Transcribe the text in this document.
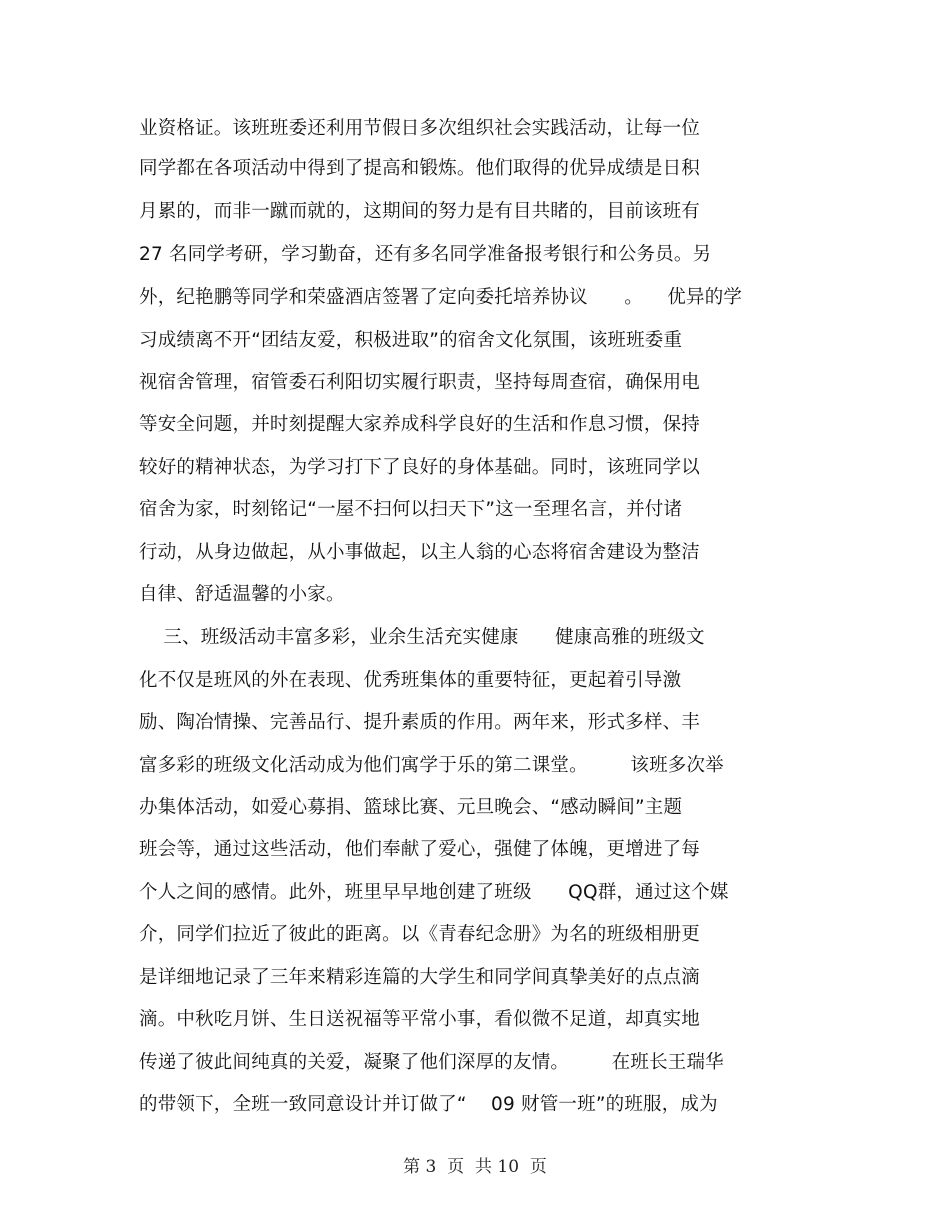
业资格证。该班班委还利用节假日多次组织社会实践活动，让每一位
同学都在各项活动中得到了提高和锻炼。他们取得的优异成绩是日积
月累的，而非一蹴而就的，这期间的努力是有目共睹的，目前该班有
27 名同学考研，学习勤奋，还有多名同学准备报考银行和公务员。另
外，纪艳鹏等同学和荣盛酒店签署了定向委托培养协议      。    优异的学
习成绩离不开“团结友爱，积极进取”的宿舍文化氛围，该班班委重
视宿舍管理，宿管委石利阳切实履行职责，坚持每周查宿，确保用电
等安全问题，并时刻提醒大家养成科学良好的生活和作息习惯，保持
较好的精神状态，为学习打下了良好的身体基础。同时，该班同学以
宿舍为家，时刻铭记“一屋不扫何以扫天下”这一至理名言，并付诸
行动，从身边做起，从小事做起，以主人翁的心态将宿舍建设为整洁
自律、舒适温馨的小家。
三、班级活动丰富多彩，业余生活充实健康      健康高雅的班级文
化不仅是班风的外在表现、优秀班集体的重要特征，更起着引导激
励、陶冶情操、完善品行、提升素质的作用。两年来，形式多样、丰
富多彩的班级文化活动成为他们寓学于乐的第二课堂。       该班多次举
办集体活动，如爱心募捐、篮球比赛、元旦晚会、“感动瞬间”主题
班会等，通过这些活动，他们奉献了爱心，强健了体魄，更增进了每
个人之间的感情。此外，班里早早地创建了班级      QQ群，通过这个媒
介，同学们拉近了彼此的距离。以《青春纪念册》为名的班级相册更
是详细地记录了三年来精彩连篇的大学生和同学间真挚美好的点点滴
滴。中秋吃月饼、生日送祝福等平常小事，看似微不足道，却真实地
传递了彼此间纯真的关爱，凝聚了他们深厚的友情。       在班长王瑞华
的带领下，全班一致同意设计并订做了“    09 财管一班”的班服，成为
第 3  页  共 10  页
